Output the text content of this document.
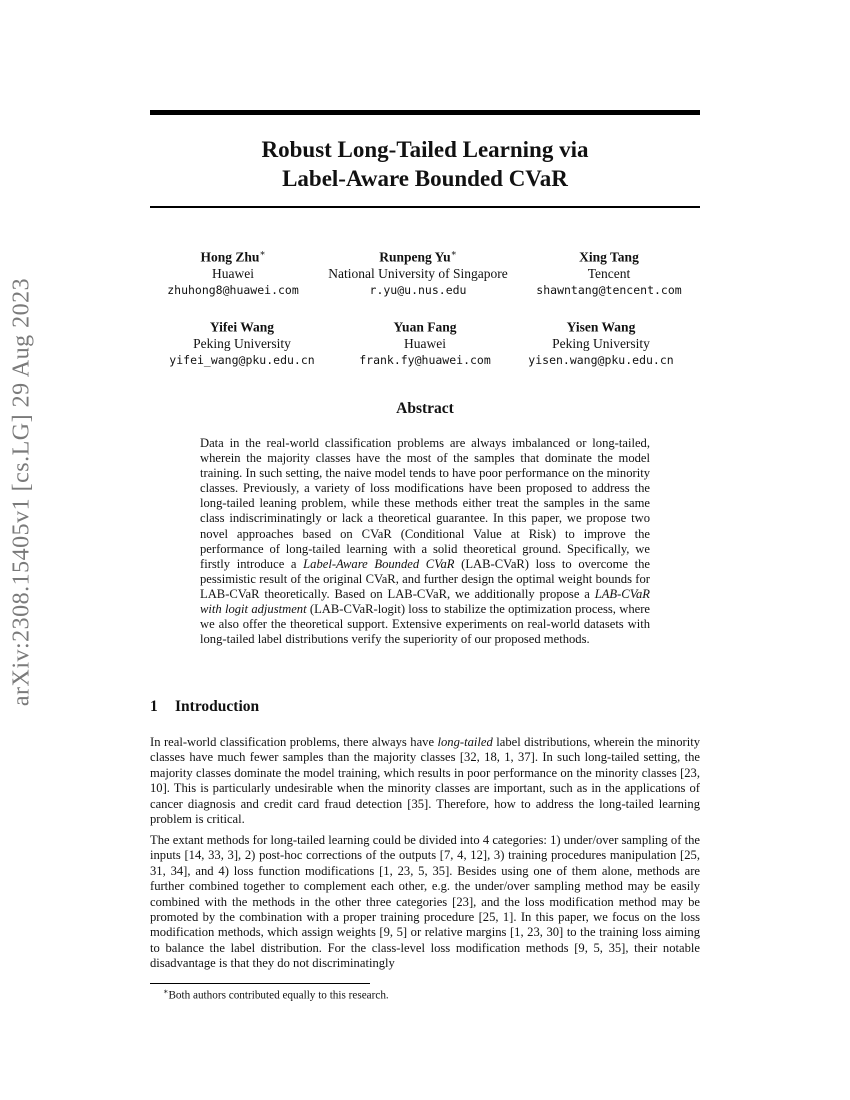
arXiv:2308.15405v1 [cs.LG] 29 Aug 2023
Robust Long-Tailed Learning via
Label-Aware Bounded CVaR
Hong Zhu∗
Huawei
zhuhong8@huawei.com
Runpeng Yu∗
National University of Singapore
r.yu@u.nus.edu
Xing Tang
Tencent
shawntang@tencent.com
Yifei Wang
Peking University
yifei_wang@pku.edu.cn
Yuan Fang
Huawei
frank.fy@huawei.com
Yisen Wang
Peking University
yisen.wang@pku.edu.cn
Abstract
Data in the real-world classification problems are always imbalanced or long-tailed, wherein the majority classes have the most of the samples that dominate the model training. In such setting, the naive model tends to have poor performance on the minority classes. Previously, a variety of loss modifications have been proposed to address the long-tailed leaning problem, while these methods either treat the samples in the same class indiscriminatingly or lack a theoretical guarantee. In this paper, we propose two novel approaches based on CVaR (Conditional Value at Risk) to improve the performance of long-tailed learning with a solid theoretical ground. Specifically, we firstly introduce a Label-Aware Bounded CVaR (LAB-CVaR) loss to overcome the pessimistic result of the original CVaR, and further design the optimal weight bounds for LAB-CVaR theoretically. Based on LAB-CVaR, we additionally propose a LAB-CVaR with logit adjustment (LAB-CVaR-logit) loss to stabilize the optimization process, where we also offer the theoretical support. Extensive experiments on real-world datasets with long-tailed label distributions verify the superiority of our proposed methods.
1 Introduction
In real-world classification problems, there always have long-tailed label distributions, wherein the minority classes have much fewer samples than the majority classes [32, 18, 1, 37]. In such long-tailed setting, the majority classes dominate the model training, which results in poor performance on the minority classes [23, 10]. This is particularly undesirable when the minority classes are important, such as in the applications of cancer diagnosis and credit card fraud detection [35]. Therefore, how to address the long-tailed learning problem is critical.
The extant methods for long-tailed learning could be divided into 4 categories: 1) under/over sampling of the inputs [14, 33, 3], 2) post-hoc corrections of the outputs [7, 4, 12], 3) training procedures manipulation [25, 31, 34], and 4) loss function modifications [1, 23, 5, 35]. Besides using one of them alone, methods are further combined together to complement each other, e.g. the under/over sampling method may be easily combined with the methods in the other three categories [23], and the loss modification method may be promoted by the combination with a proper training procedure [25, 1]. In this paper, we focus on the loss modification methods, which assign weights [9, 5] or relative margins [1, 23, 30] to the training loss aiming to balance the label distribution. For the class-level loss modification methods [9, 5, 35], their notable disadvantage is that they do not discriminatingly
∗Both authors contributed equally to this research.
